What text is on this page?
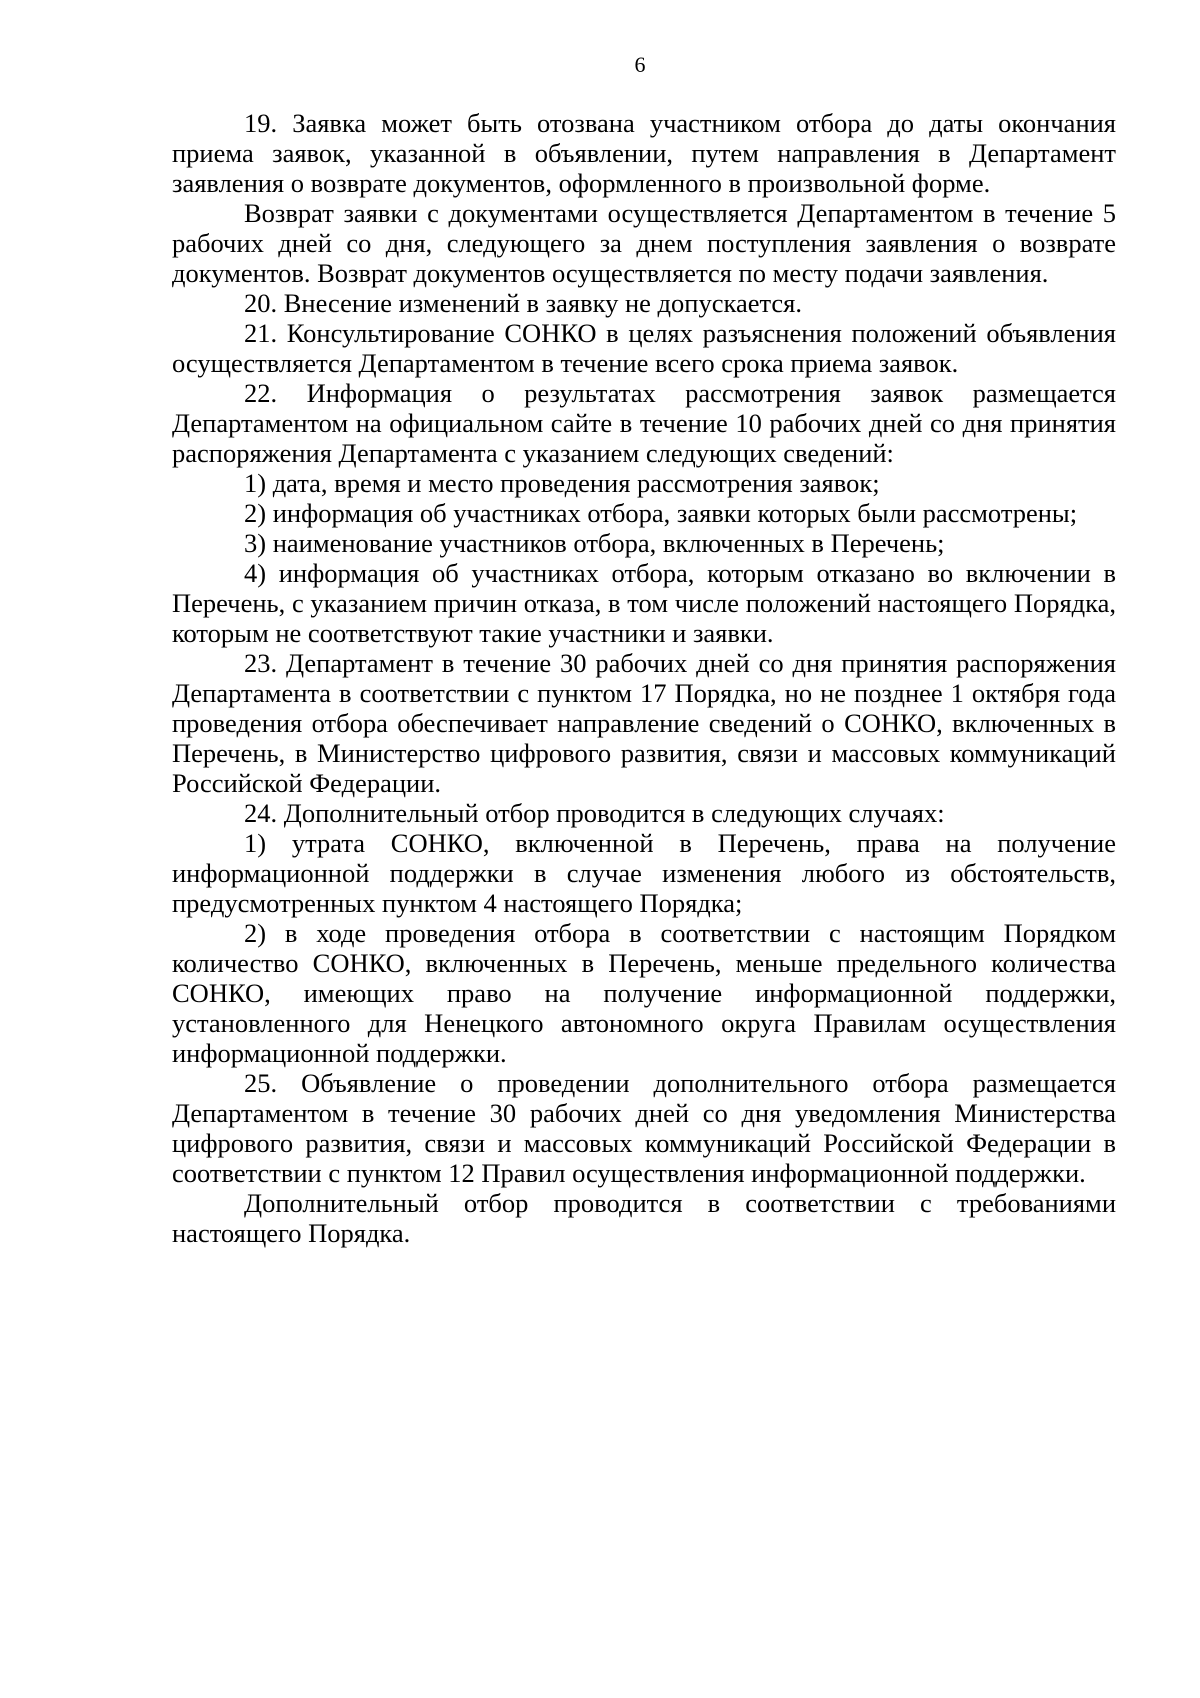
6

19. Заявка может быть отозвана участником отбора до даты окончания приема заявок, указанной в объявлении, путем направления в Департамент заявления о возврате документов, оформленного в произвольной форме.

Возврат заявки с документами осуществляется Департаментом в течение 5 рабочих дней со дня, следующего за днем поступления заявления о возврате документов. Возврат документов осуществляется по месту подачи заявления.

20. Внесение изменений в заявку не допускается.

21. Консультирование СОНКО в целях разъяснения положений объявления осуществляется Департаментом в течение всего срока приема заявок.

22. Информация о результатах рассмотрения заявок размещается Департаментом на официальном сайте в течение 10 рабочих дней со дня принятия распоряжения Департамента с указанием следующих сведений:

1) дата, время и место проведения рассмотрения заявок;

2) информация об участниках отбора, заявки которых были рассмотрены;

3) наименование участников отбора, включенных в Перечень;

4) информация об участниках отбора, которым отказано во включении в Перечень, с указанием причин отказа, в том числе положений настоящего Порядка, которым не соответствуют такие участники и заявки.

23. Департамент в течение 30 рабочих дней со дня принятия распоряжения Департамента в соответствии с пунктом 17 Порядка, но не позднее 1 октября года проведения отбора обеспечивает направление сведений о СОНКО, включенных в Перечень, в Министерство цифрового развития, связи и массовых коммуникаций Российской Федерации.

24. Дополнительный отбор проводится в следующих случаях:

1) утрата СОНКО, включенной в Перечень, права на получение информационной поддержки в случае изменения любого из обстоятельств, предусмотренных пунктом 4 настоящего Порядка;

2) в ходе проведения отбора в соответствии с настоящим Порядком количество СОНКО, включенных в Перечень, меньше предельного количества СОНКО, имеющих право на получение информационной поддержки, установленного для Ненецкого автономного округа Правилам осуществления информационной поддержки.

25. Объявление о проведении дополнительного отбора размещается Департаментом в течение 30 рабочих дней со дня уведомления Министерства цифрового развития, связи и массовых коммуникаций Российской Федерации в соответствии с пунктом 12 Правил осуществления информационной поддержки.

Дополнительный отбор проводится в соответствии с требованиями настоящего Порядка.
